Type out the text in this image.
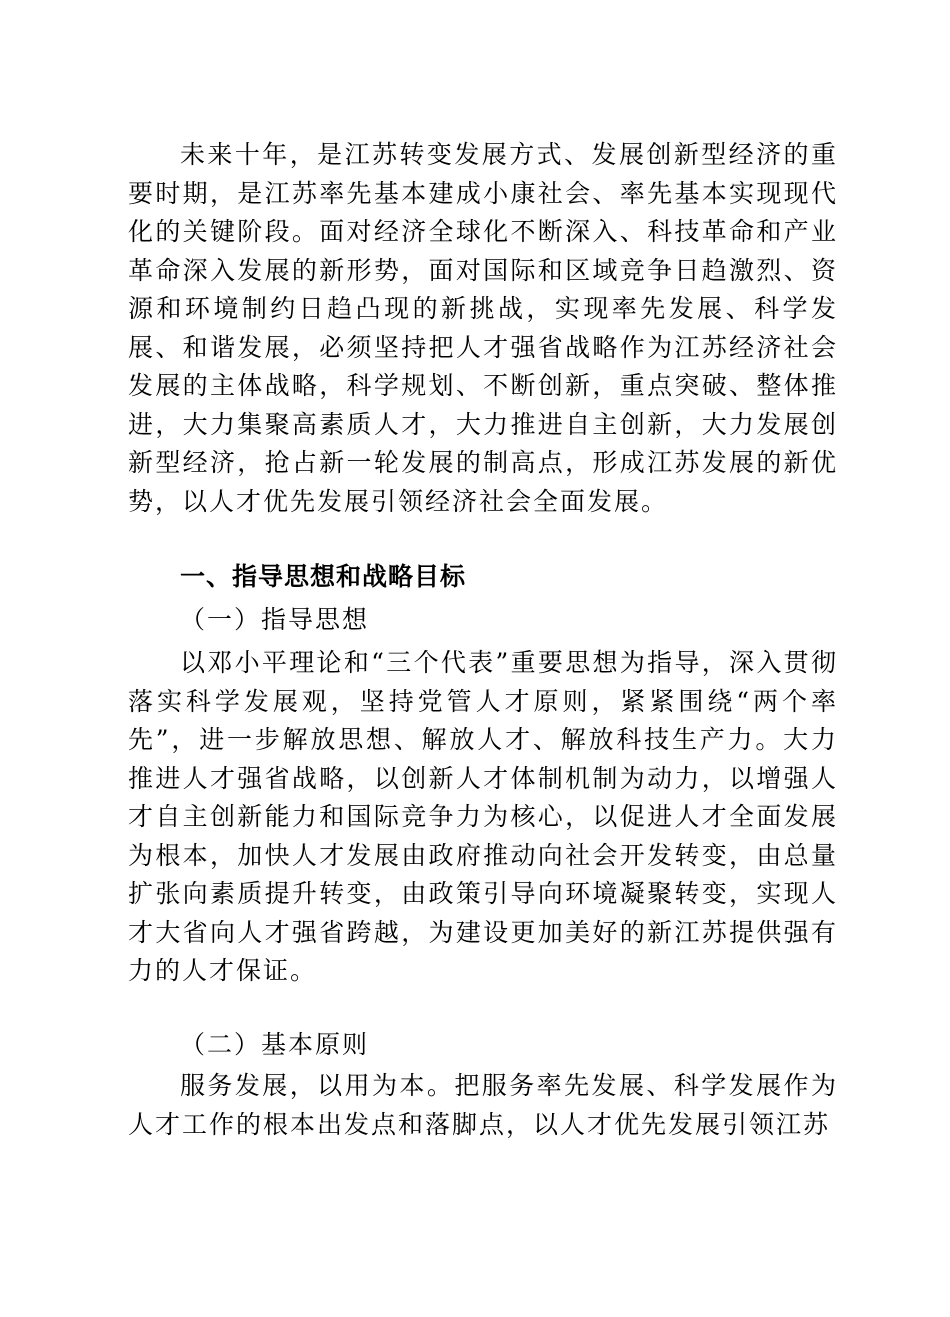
未来十年，是江苏转变发展方式、发展创新型经济的重要时期，是江苏率先基本建成小康社会、率先基本实现现代化的关键阶段。面对经济全球化不断深入、科技革命和产业革命深入发展的新形势，面对国际和区域竞争日趋激烈、资源和环境制约日趋凸现的新挑战，实现率先发展、科学发展、和谐发展，必须坚持把人才强省战略作为江苏经济社会发展的主体战略，科学规划、不断创新，重点突破、整体推进，大力集聚高素质人才，大力推进自主创新，大力发展创新型经济，抢占新一轮发展的制高点，形成江苏发展的新优势，以人才优先发展引领经济社会全面发展。

一、指导思想和战略目标

（一）指导思想

以邓小平理论和“三个代表”重要思想为指导，深入贯彻落实科学发展观，坚持党管人才原则，紧紧围绕“两个率先”，进一步解放思想、解放人才、解放科技生产力。大力推进人才强省战略，以创新人才体制机制为动力，以增强人才自主创新能力和国际竞争力为核心，以促进人才全面发展为根本，加快人才发展由政府推动向社会开发转变，由总量扩张向素质提升转变，由政策引导向环境凝聚转变，实现人才大省向人才强省跨越，为建设更加美好的新江苏提供强有力的人才保证。

（二）基本原则

服务发展，以用为本。把服务率先发展、科学发展作为人才工作的根本出发点和落脚点，以人才优先发展引领江苏
